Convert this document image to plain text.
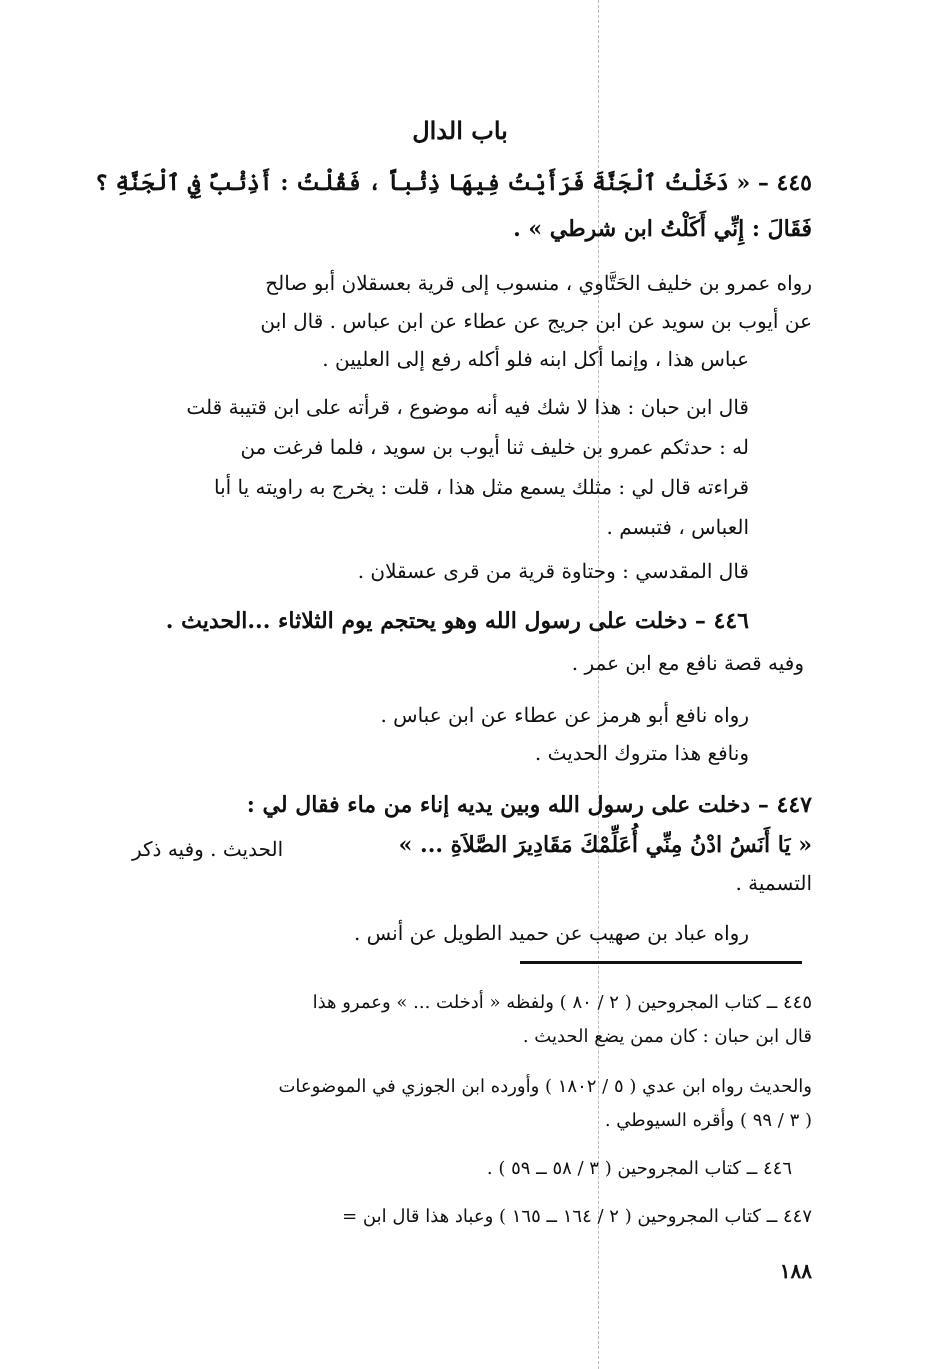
باب الدال
٤٤٥ – « دَخَلْتُ ٱلْجَنَّةَ فَرَأَيْتُ فِيهَا ذِئْباً ، فَقُلْتُ : أَذِئْبٌ فِي ٱلْجَنَّةِ ؟
فَقَالَ : إِنِّي أَكَلْتُ ابن شرطي » .
رواه عمرو بن خليف الحَتَّاوي ، منسوب إلى قرية بعسقلان أبو صالح
عن أيوب بن سويد عن ابن جريج عن عطاء عن ابن عباس . قال ابن
عباس هذا ، وإنما أكل ابنه فلو أكله رفع إلى العليين .
قال ابن حبان : هذا لا شك فيه أنه موضوع ، قرأته على ابن قتيبة قلت
له : حدثكم عمرو بن خليف ثنا أيوب بن سويد ، فلما فرغت من
قراءته قال لي : مثلك يسمع مثل هذا ، قلت : يخرج به راويته يا أبا
العباس ، فتبسم .
قال المقدسي : وحتاوة قرية من قرى عسقلان .
٤٤٦ – دخلت على رسول الله وهو يحتجم يوم الثلاثاء ...الحديث .
وفيه قصة نافع مع ابن عمر .
رواه نافع أبو هرمز عن عطاء عن ابن عباس .
ونافع هذا متروك الحديث .
٤٤٧ – دخلت على رسول الله وبين يديه إناء من ماء فقال لي :
« يَا أَنَسُ ادْنُ مِنِّي أُعَلِّمْكَ مَقَادِيرَ الصَّلاَةِ ... »
الحديث . وفيه ذكر
التسمية .
رواه عباد بن صهيب عن حميد الطويل عن أنس .
٤٤٥ ــ كتاب المجروحين ( ٢ / ٨٠ ) ولفظه « أدخلت ... » وعمرو هذا
قال ابن حبان : كان ممن يضع الحديث .
والحديث رواه ابن عدي ( ٥ / ١٨٠٢ ) وأورده ابن الجوزي في الموضوعات
( ٣ / ٩٩ ) وأقره السيوطي .
٤٤٦ ــ كتاب المجروحين ( ٣ / ٥٨ ــ ٥٩ ) .
٤٤٧ ــ كتاب المجروحين ( ٢ / ١٦٤ ــ ١٦٥ ) وعباد هذا قال ابن =
١٨٨
